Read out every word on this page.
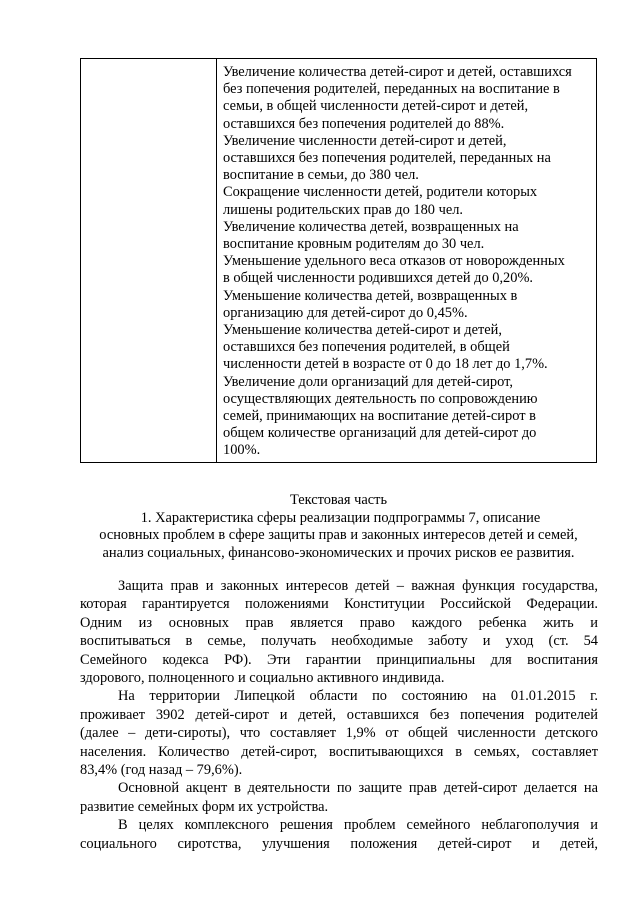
Увеличение количества детей-сирот и детей, оставшихся
без попечения родителей, переданных на воспитание в
семьи, в общей численности детей-сирот и детей,
оставшихся без попечения родителей до 88%.
Увеличение численности детей-сирот и детей,
оставшихся без попечения родителей, переданных на
воспитание в семьи, до 380 чел.
Сокращение численности детей, родители которых
лишены родительских прав до 180 чел.
Увеличение количества детей, возвращенных на
воспитание кровным родителям до 30 чел.
Уменьшение удельного веса отказов от новорожденных
в общей численности родившихся детей до 0,20%.
Уменьшение количества детей, возвращенных в
организацию для детей-сирот до 0,45%.
Уменьшение количества детей-сирот и детей,
оставшихся без попечения родителей, в общей
численности детей в возрасте от 0 до 18 лет до 1,7%.
Увеличение доли организаций для детей-сирот,
осуществляющих деятельность по сопровождению
семей, принимающих на воспитание детей-сирот в
общем количестве организаций для детей-сирот до
100%.
Текстовая часть
1. Характеристика сферы реализации подпрограммы 7, описание
основных проблем в сфере защиты прав и законных интересов детей и семей,
анализ социальных, финансово-экономических и прочих рисков ее развития.

Защита прав и законных интересов детей – важная функция государства,
которая гарантируется положениями Конституции Российской Федерации.
Одним из основных прав является право каждого ребенка жить и
воспитываться в семье, получать необходимые заботу и уход (ст. 54
Семейного кодекса РФ). Эти гарантии принципиальны для воспитания
здорового, полноценного и социально активного индивида.

На территории Липецкой области по состоянию на 01.01.2015 г.
проживает 3902 детей-сирот и детей, оставшихся без попечения родителей
(далее – дети-сироты), что составляет 1,9% от общей численности детского
населения. Количество детей-сирот, воспитывающихся в семьях, составляет
83,4% (год назад – 79,6%).

Основной акцент в деятельности по защите прав детей-сирот делается на
развитие семейных форм их устройства.

В целях комплексного решения проблем семейного неблагополучия и
социального сиротства, улучшения положения детей-сирот и детей,
